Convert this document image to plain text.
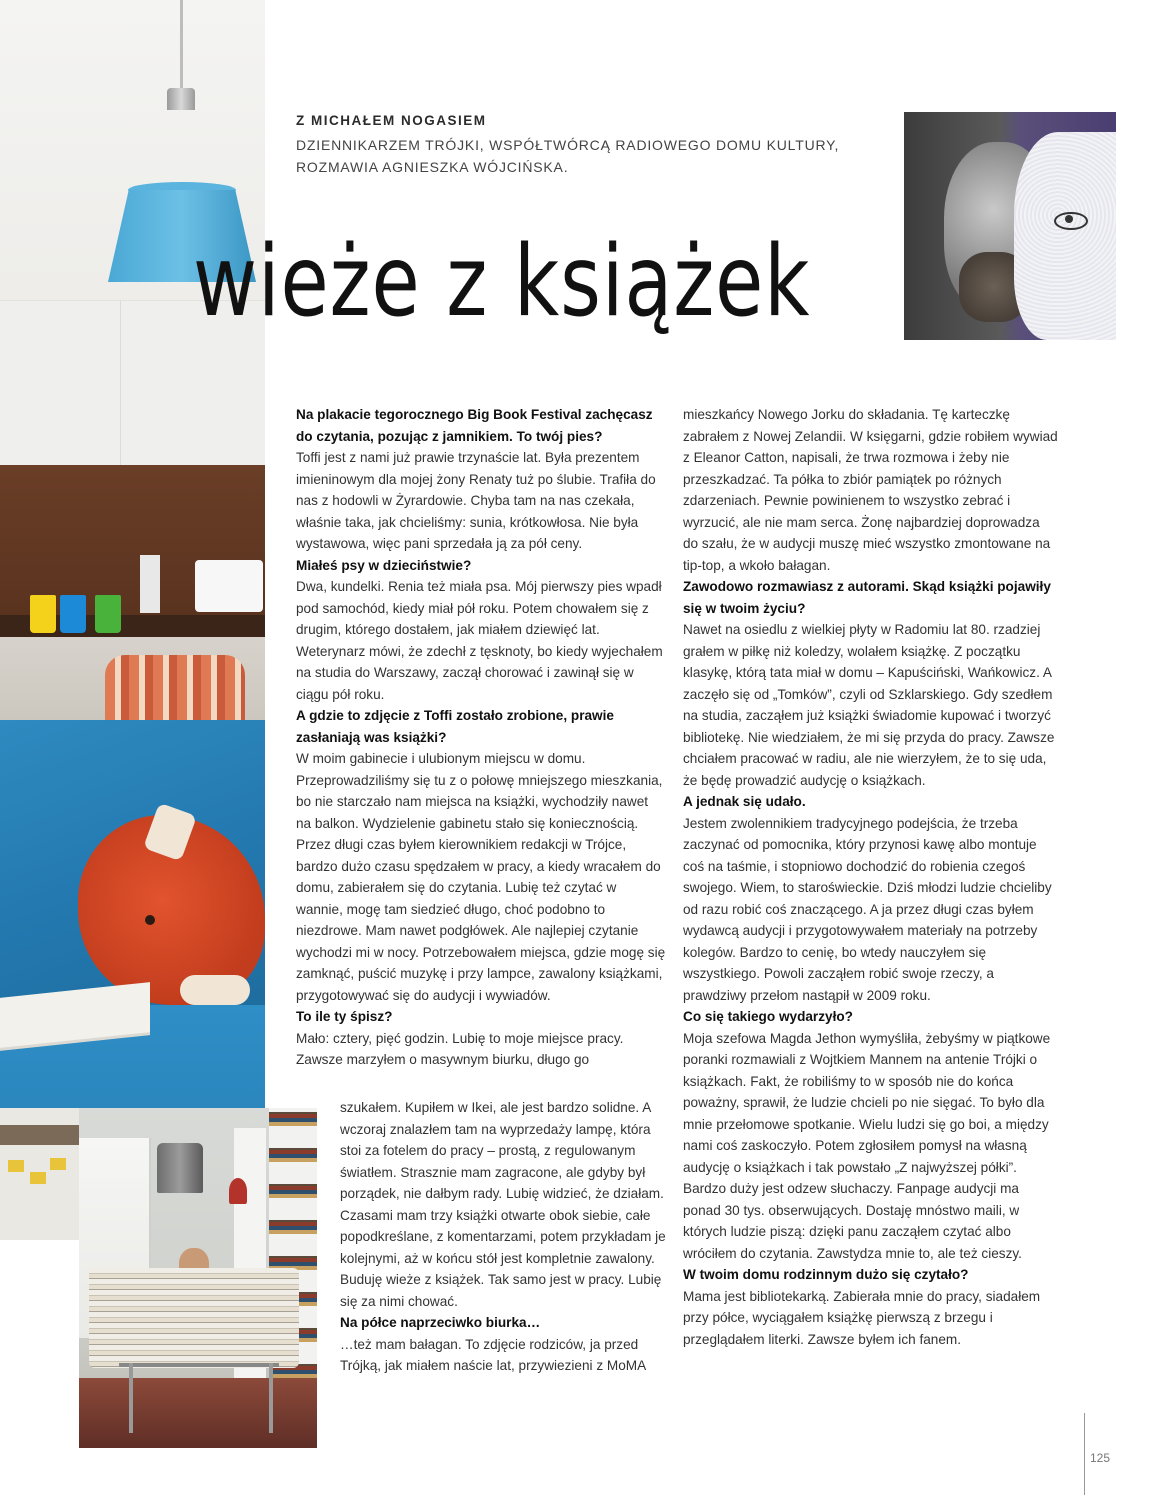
Z MICHAŁEM NOGASIEM
DZIENNIKARZEM TRÓJKI, WSPÓŁTWÓRCĄ RADIOWEGO DOMU KULTURY,
ROZMAWIA AGNIESZKA WÓJCIŃSKA.
wieże z książek

Na plakacie tegorocznego Big Book Festival zachęcasz do czytania, pozując z jamnikiem. To twój pies?

Toffi jest z nami już prawie trzynaście lat. Była prezentem imieninowym dla mojej żony Renaty tuż po ślubie. Trafiła do nas z hodowli w Żyrardowie. Chyba tam na nas czekała, właśnie taka, jak chcieliśmy: sunia, krótkowłosa. Nie była wystawowa, więc pani sprzedała ją za pół ceny.

Miałeś psy w dzieciństwie?

Dwa, kundelki. Renia też miała psa. Mój pierwszy pies wpadł pod samochód, kiedy miał pół roku. Potem chowałem się z drugim, którego dostałem, jak miałem dziewięć lat. Weterynarz mówi, że zdechł z tęsknoty, bo kiedy wyjechałem na studia do Warszawy, zaczął chorować i zawinął się w ciągu pół roku.

A gdzie to zdjęcie z Toffi zostało zrobione, prawie zasłaniają was książki?

W moim gabinecie i ulubionym miejscu w domu. Przeprowadziliśmy się tu z o połowę mniejszego mieszkania, bo nie starczało nam miejsca na książki, wychodziły nawet na balkon. Wydzielenie gabinetu stało się koniecznością. Przez długi czas byłem kierownikiem redakcji w Trójce, bardzo dużo czasu spędzałem w pracy, a kiedy wracałem do domu, zabierałem się do czytania. Lubię też czytać w wannie, mogę tam siedzieć długo, choć podobno to niezdrowe. Mam nawet podgłówek. Ale najlepiej czytanie wychodzi mi w nocy. Potrzebowałem miejsca, gdzie mogę się zamknąć, puścić muzykę i przy lampce, zawalony książkami, przygotowywać się do audycji i wywiadów.

To ile ty śpisz?

Mało: cztery, pięć godzin. Lubię to moje miejsce pracy. Zawsze marzyłem o masywnym biurku, długo go

szukałem. Kupiłem w Ikei, ale jest bardzo solidne. A wczoraj znalazłem tam na wyprzedaży lampę, która stoi za fotelem do pracy – prostą, z regulowanym światłem. Strasznie mam zagracone, ale gdyby był porządek, nie dałbym rady. Lubię widzieć, że działam. Czasami mam trzy książki otwarte obok siebie, całe popodkreślane, z komentarzami, potem przykładam je kolejnymi, aż w końcu stół jest kompletnie zawalony. Buduję wieże z książek. Tak samo jest w pracy. Lubię się za nimi chować.

Na półce naprzeciwko biurka…

…też mam bałagan. To zdjęcie rodziców, ja przed Trójką, jak miałem naście lat, przywiezieni z MoMA

mieszkańcy Nowego Jorku do składania. Tę karteczkę zabrałem z Nowej Zelandii. W księgarni, gdzie robiłem wywiad z Eleanor Catton, napisali, że trwa rozmowa i żeby nie przeszkadzać. Ta półka to zbiór pamiątek po różnych zdarzeniach. Pewnie powinienem to wszystko zebrać i wyrzucić, ale nie mam serca. Żonę najbardziej doprowadza do szału, że w audycji muszę mieć wszystko zmontowane na tip-top, a wkoło bałagan.

Zawodowo rozmawiasz z autorami. Skąd książki pojawiły się w twoim życiu?

Nawet na osiedlu z wielkiej płyty w Radomiu lat 80. rzadziej grałem w piłkę niż koledzy, wolałem książkę. Z początku klasykę, którą tata miał w domu – Kapuściński, Wańkowicz. A zaczęło się od „Tomków”, czyli od Szklarskiego. Gdy szedłem na studia, zacząłem już książki świadomie kupować i tworzyć bibliotekę. Nie wiedziałem, że mi się przyda do pracy. Zawsze chciałem pracować w radiu, ale nie wierzyłem, że to się uda, że będę prowadzić audycję o książkach.

A jednak się udało.

Jestem zwolennikiem tradycyjnego podejścia, że trzeba zaczynać od pomocnika, który przynosi kawę albo montuje coś na taśmie, i stopniowo dochodzić do robienia czegoś swojego. Wiem, to staroświeckie. Dziś młodzi ludzie chcieliby od razu robić coś znaczącego. A ja przez długi czas byłem wydawcą audycji i przygotowywałem materiały na potrzeby kolegów. Bardzo to cenię, bo wtedy nauczyłem się wszystkiego. Powoli zacząłem robić swoje rzeczy, a prawdziwy przełom nastąpił w 2009 roku.

Co się takiego wydarzyło?

Moja szefowa Magda Jethon wymyśliła, żebyśmy w piątkowe poranki rozmawiali z Wojtkiem Mannem na antenie Trójki o książkach. Fakt, że robiliśmy to w sposób nie do końca poważny, sprawił, że ludzie chcieli po nie sięgać. To było dla mnie przełomowe spotkanie. Wielu ludzi się go boi, a między nami coś zaskoczyło. Potem zgłosiłem pomysł na własną audycję o książkach i tak powstało „Z najwyższej półki”. Bardzo duży jest odzew słuchaczy. Fanpage audycji ma ponad 30 tys. obserwujących. Dostaję mnóstwo maili, w których ludzie piszą: dzięki panu zacząłem czytać albo wróciłem do czytania. Zawstydza mnie to, ale też cieszy.

W twoim domu rodzinnym dużo się czytało?

Mama jest bibliotekarką. Zabierała mnie do pracy, siadałem przy półce, wyciągałem książkę pierwszą z brzegu i przeglądałem literki. Zawsze byłem ich fanem.

125
